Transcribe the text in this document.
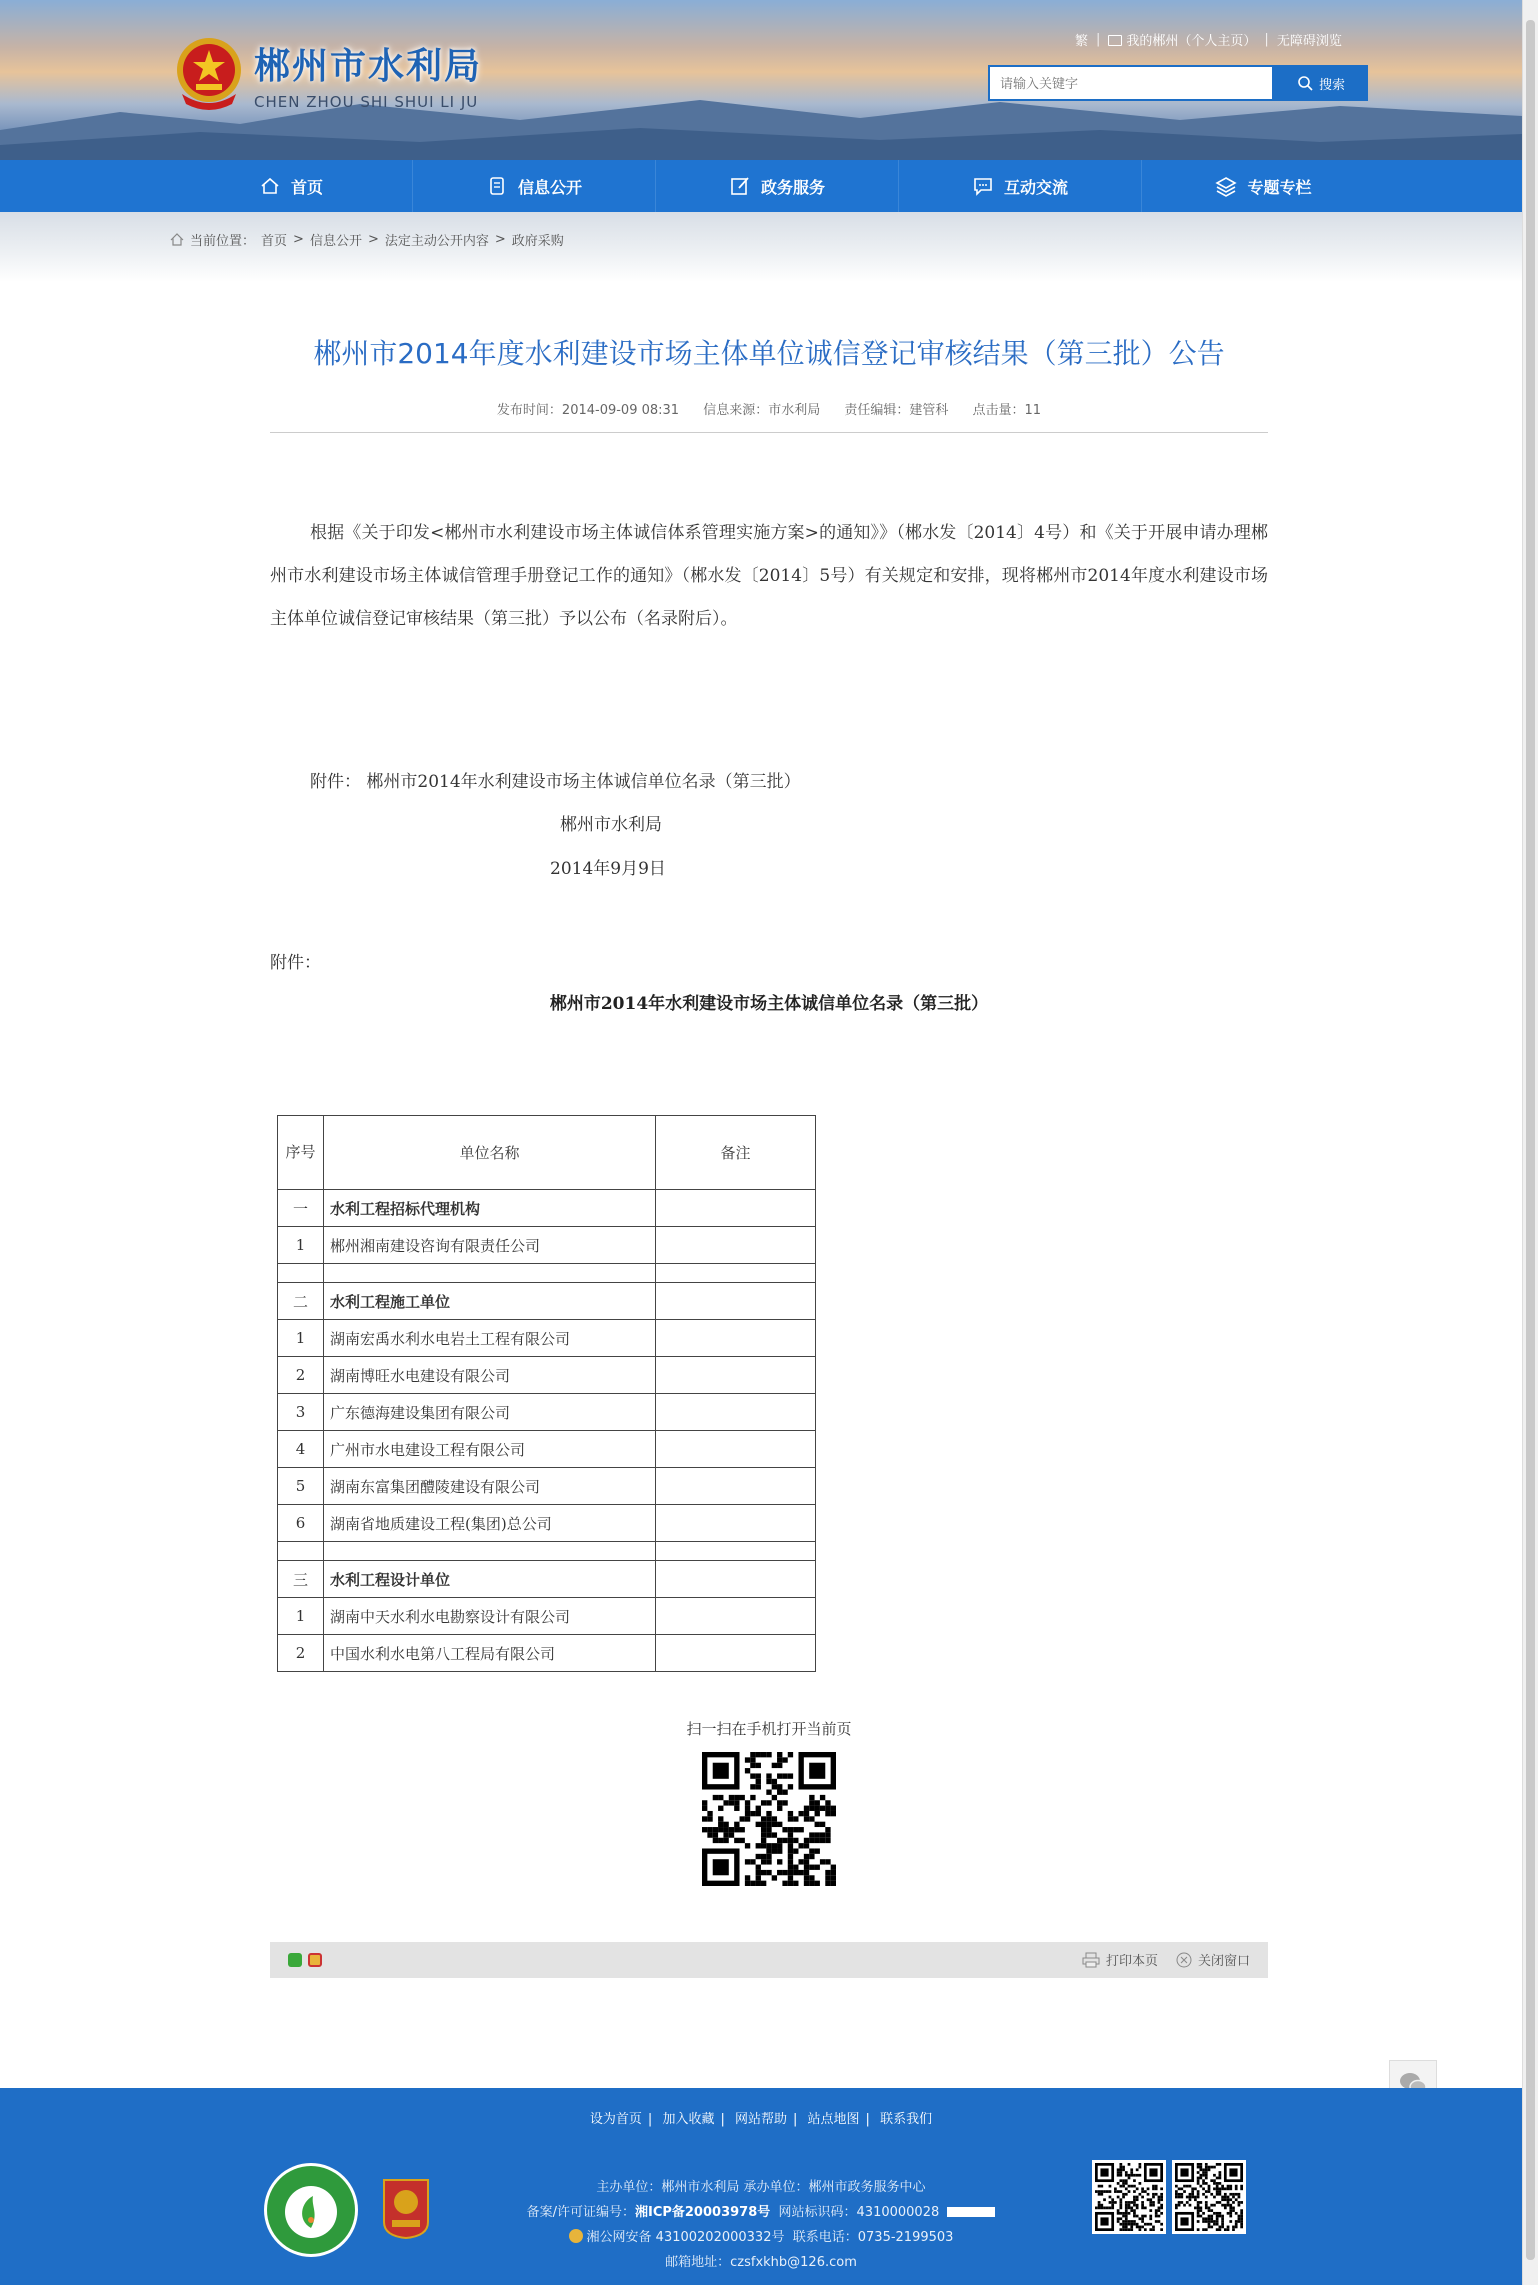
郴州市水利局
CHEN ZHOU SHI SHUI LI JU
繁 |	我的郴州（个人主页） | 无障碍浏览
请输入关键字
搜索
首页	信息公开	政务服务	互动交流	专题专栏
当前位置： 首页 > 信息公开 > 法定主动公开内容 > 政府采购
郴州市2014年度水利建设市场主体单位诚信登记审核结果（第三批）公告
发布时间：2014-09-09 08:31 信息来源：市水利局 责任编辑：建管科 点击量：11
根据《关于印发<郴州市水利建设市场主体诚信体系管理实施方案>的通知》》（郴水发〔2014〕4号）和《关于开展申请办理郴州市水利建设市场主体诚信管理手册登记工作的通知》（郴水发〔2014〕5号）有关规定和安排，现将郴州市2014年度水利建设市场主体单位诚信登记审核结果（第三批）予以公布（名录附后）。
附件： 郴州市2014年水利建设市场主体诚信单位名录（第三批）
郴州市水利局
2014年9月9日
附件：
郴州市2014年水利建设市场主体诚信单位名录（第三批）
序号	单位名称	备注
一	水利工程招标代理机构	
1	郴州湘南建设咨询有限责任公司	

二	水利工程施工单位	
1	湖南宏禹水利水电岩土工程有限公司	
2	湖南博旺水电建设有限公司	
3	广东德海建设集团有限公司	
4	广州市水电建设工程有限公司	
5	湖南东富集团醴陵建设有限公司	
6	湖南省地质建设工程(集团)总公司	

三	水利工程设计单位	
1	湖南中天水利水电勘察设计有限公司	
2	中国水利水电第八工程局有限公司	
扫一扫在手机打开当前页
打印本页	关闭窗口
设为首页 | 加入收藏 | 网站帮助 | 站点地图 | 联系我们
主办单位：郴州市水利局 承办单位：郴州市政务服务中心
备案/许可证编号：湘ICP备20003978号 网站标识码：4310000028
湘公网安备 43100202000332号 联系电话：0735-2199503
邮箱地址：czsfxkhb@126.com
